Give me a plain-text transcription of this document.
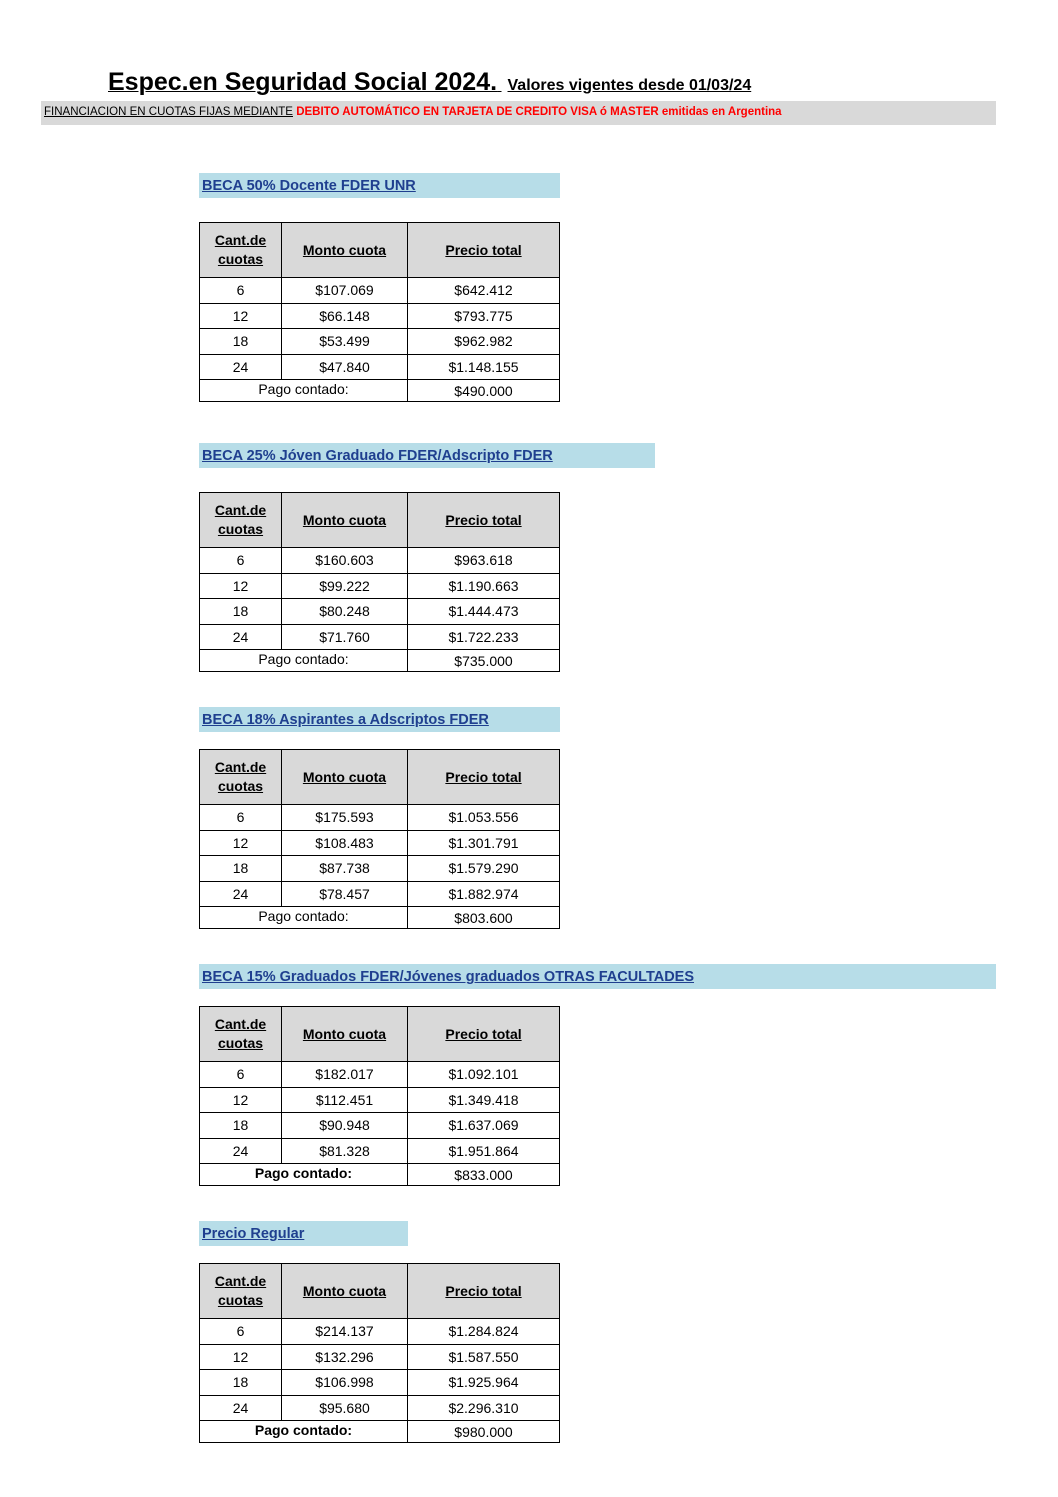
Espec.en Seguridad Social 2024. Valores vigentes desde 01/03/24
FINANCIACION EN CUOTAS FIJAS MEDIANTE DEBITO AUTOMÁTICO EN TARJETA DE CREDITO VISA ó MASTER emitidas en Argentina
BECA 50% Docente FDER UNR
Cant.de cuotas	Monto cuota	Precio total
6	$107.069	$642.412
12	$66.148	$793.775
18	$53.499	$962.982
24	$47.840	$1.148.155
Pago contado:		$490.000
BECA 25% Jóven Graduado FDER/Adscripto FDER
Cant.de cuotas	Monto cuota	Precio total
6	$160.603	$963.618
12	$99.222	$1.190.663
18	$80.248	$1.444.473
24	$71.760	$1.722.233
Pago contado:		$735.000
BECA 18% Aspirantes a Adscriptos FDER
Cant.de cuotas	Monto cuota	Precio total
6	$175.593	$1.053.556
12	$108.483	$1.301.791
18	$87.738	$1.579.290
24	$78.457	$1.882.974
Pago contado:		$803.600
BECA 15% Graduados FDER/Jóvenes graduados OTRAS FACULTADES
Cant.de cuotas	Monto cuota	Precio total
6	$182.017	$1.092.101
12	$112.451	$1.349.418
18	$90.948	$1.637.069
24	$81.328	$1.951.864
Pago contado:		$833.000
Precio Regular
Cant.de cuotas	Monto cuota	Precio total
6	$214.137	$1.284.824
12	$132.296	$1.587.550
18	$106.998	$1.925.964
24	$95.680	$2.296.310
Pago contado:		$980.000
